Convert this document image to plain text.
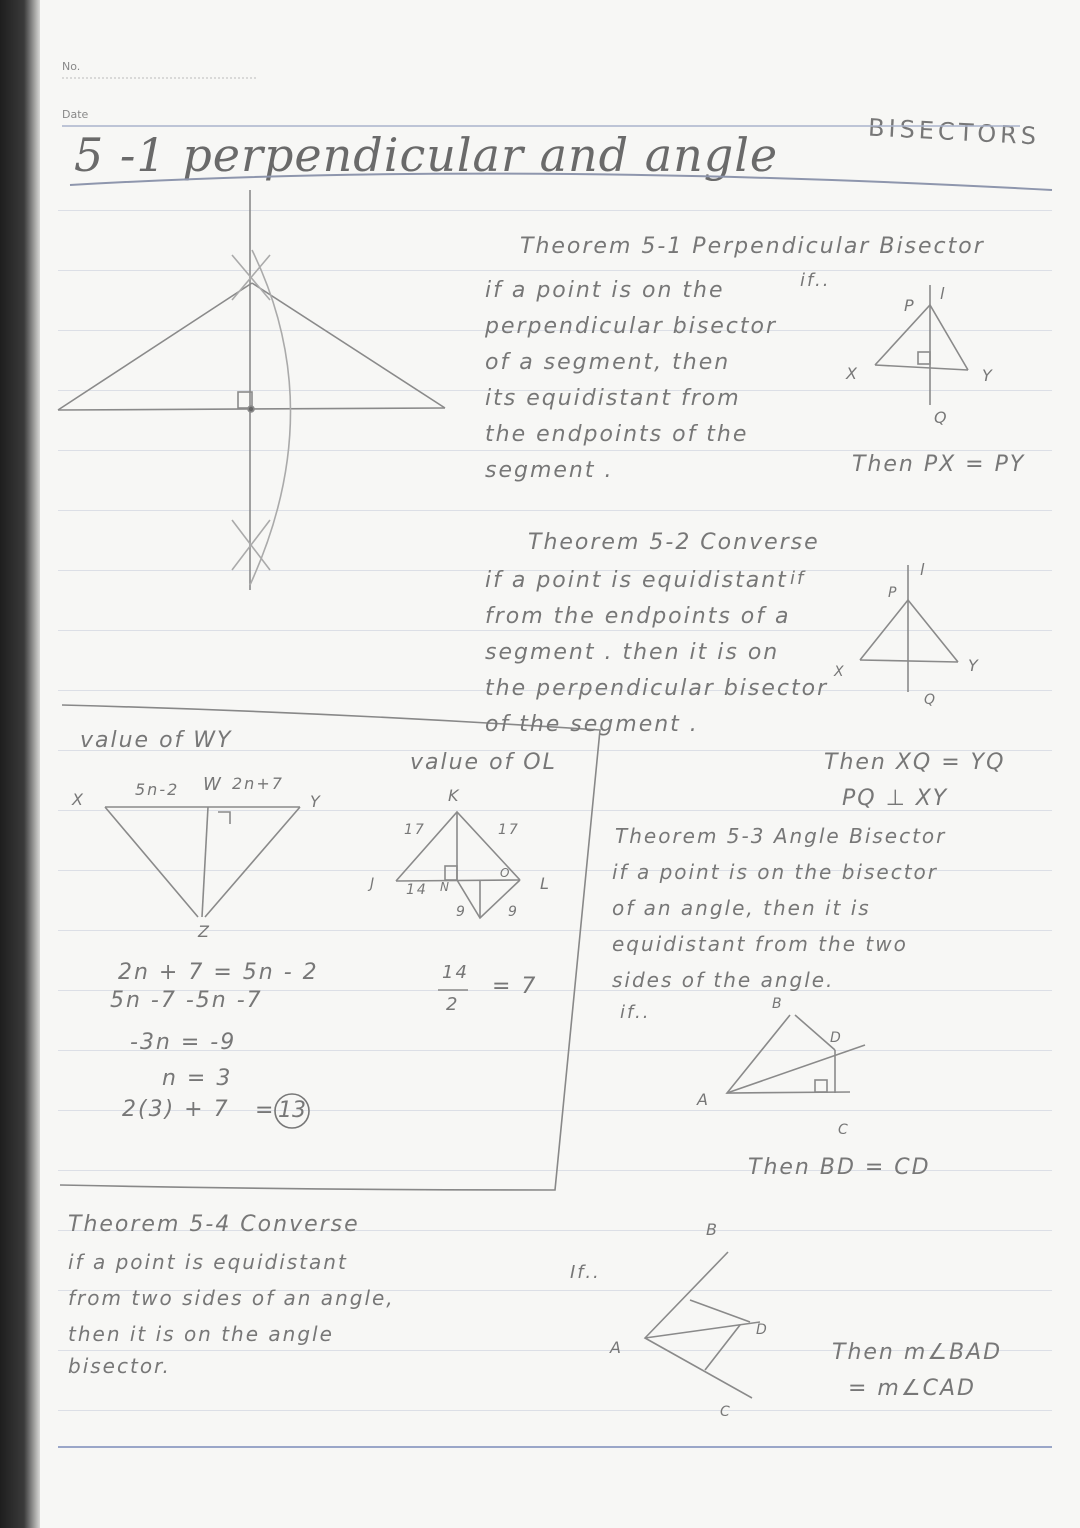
No.
Date
5 -1 perpendicular and angle	BISECTORS
Theorem 5-1 Perpendicular Bisector
if a point is on the
perpendicular bisector
of a segment, then
its equidistant from
the endpoints of the
segment .
if..
P
l
X	Y
Q
Then PX = PY
Theorem 5-2 Converse
if a point is equidistant
from the endpoints of a
segment . then it is on
the perpendicular bisector
of the segment .
if
P
l
X	Y
Q
Then XQ = YQ
PQ ⊥ XY
value of WY
X
5n-2 W 2n+7
Y
Z
2n + 7 = 5n - 2
5n -7 -5n -7
-3n = -9
n = 3
2(3) + 7 = 13
value of OL
K
17	17
J 14 N
O
L
9	9
14
2
= 7
Theorem 5-3 Angle Bisector
if a point is on the bisector
of an angle, then it is
equidistant from the two
sides of the angle.
if..	B
D
A
C
Then BD = CD
Theorem 5-4 Converse
if a point is equidistant
from two sides of an angle,
then it is on the angle
bisector.
If..
B
A
D
C
Then m∠BAD
= m∠CAD
